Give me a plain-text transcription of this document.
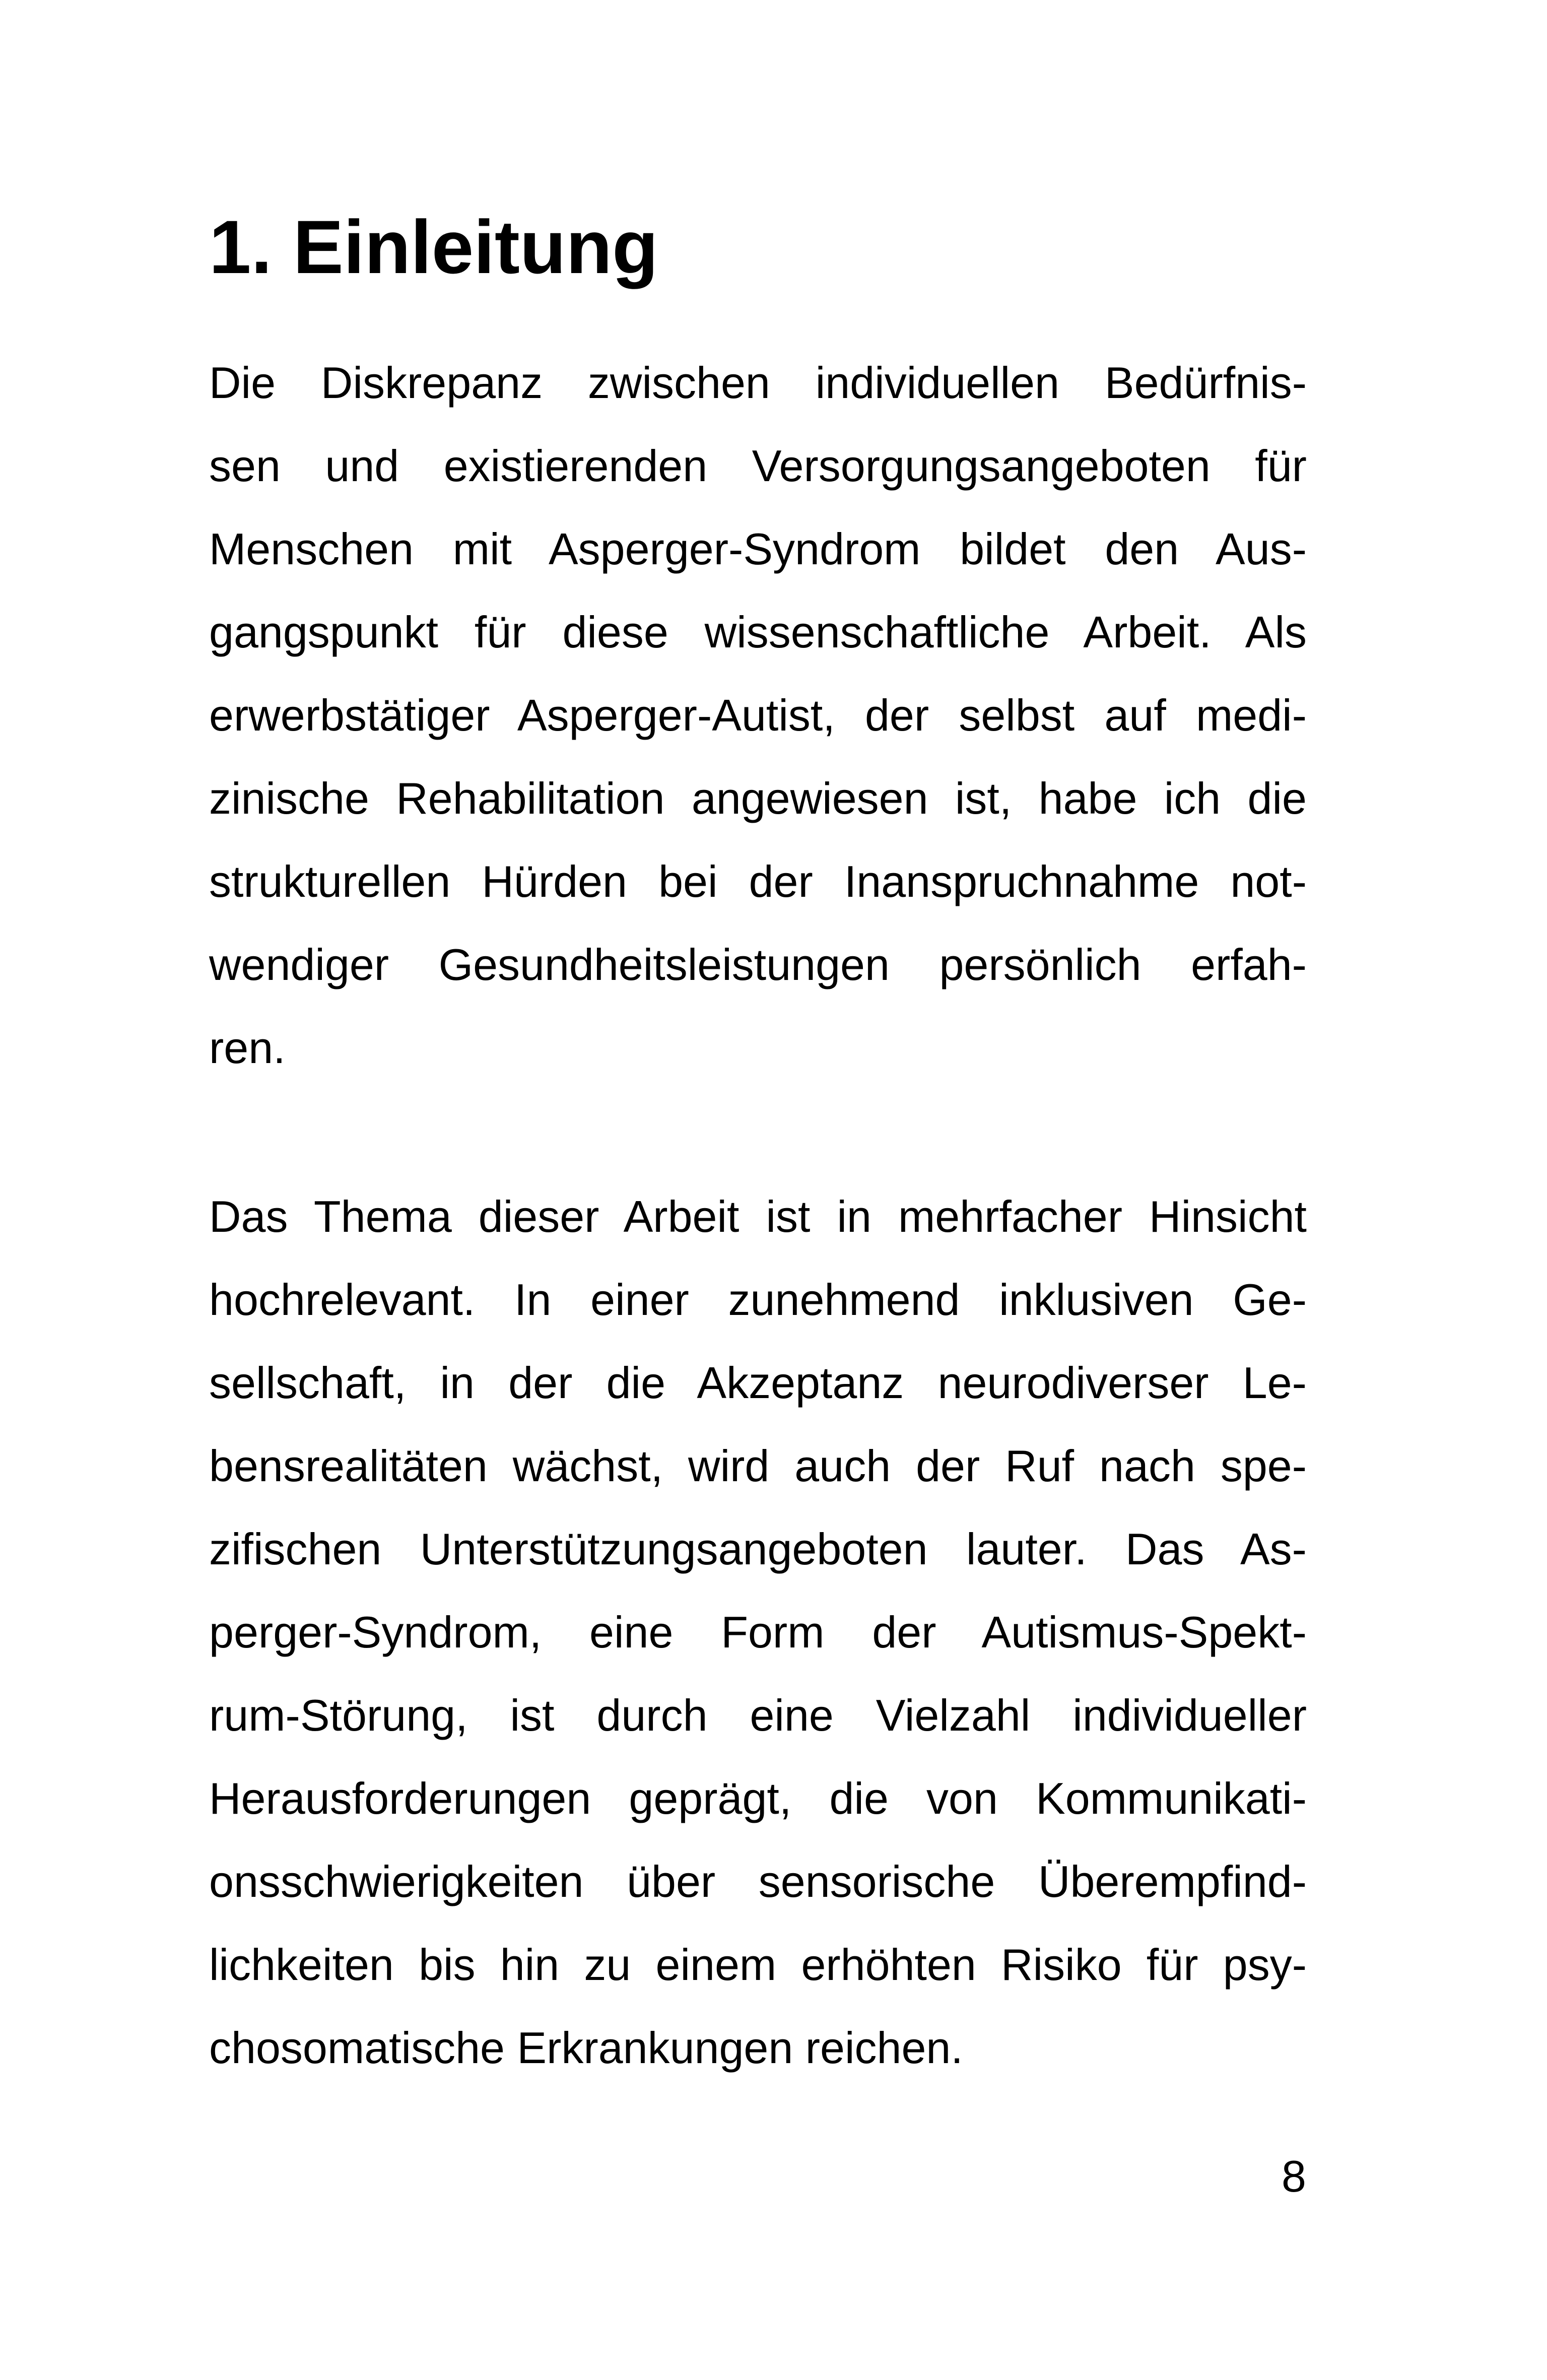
1. Einleitung
Die Diskrepanz zwischen individuellen Bedürfnis-
sen und existierenden Versorgungsangeboten für
Menschen mit Asperger-Syndrom bildet den Aus-
gangspunkt für diese wissenschaftliche Arbeit. Als
erwerbstätiger Asperger-Autist, der selbst auf medi-
zinische Rehabilitation angewiesen ist, habe ich die
strukturellen Hürden bei der Inanspruchnahme not-
wendiger Gesundheitsleistungen persönlich erfah-
ren.
Das Thema dieser Arbeit ist in mehrfacher Hinsicht
hochrelevant. In einer zunehmend inklusiven Ge-
sellschaft, in der die Akzeptanz neurodiverser Le-
bensrealitäten wächst, wird auch der Ruf nach spe-
zifischen Unterstützungsangeboten lauter. Das As-
perger-Syndrom, eine Form der Autismus-Spekt-
rum-Störung, ist durch eine Vielzahl individueller
Herausforderungen geprägt, die von Kommunikati-
onsschwierigkeiten über sensorische Überempfind-
lichkeiten bis hin zu einem erhöhten Risiko für psy-
chosomatische Erkrankungen reichen.
8
